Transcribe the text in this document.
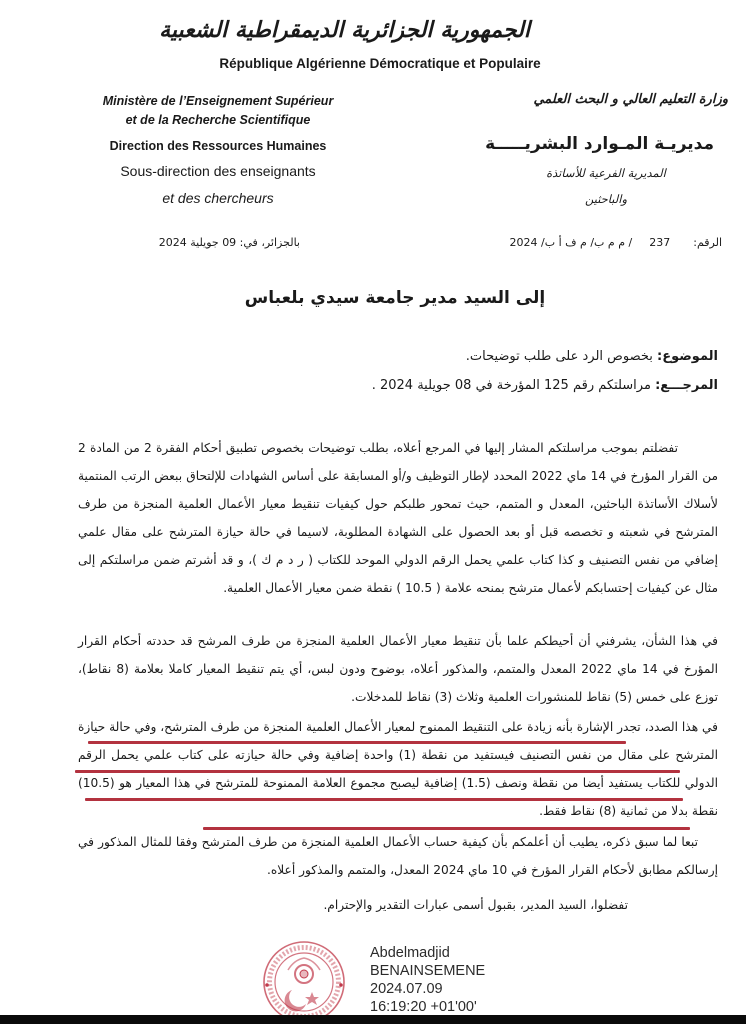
الجمهورية الجزائرية الديمقراطية الشعبية
République Algérienne Démocratique et Populaire
Ministère de l’Enseignement Supérieur
et de la Recherche Scientifique
Direction des Ressources Humaines
Sous-direction des enseignants
et des chercheurs
وزارة التعليم العالي و البحث العلمي
مديريـة المـوارد البشريـــــة
المديرية الفرعية للأساتذة
والباحثين
الرقم:  237  / م م ب/ م ف أ ب/ 2024
بالجزائر، في: 09 جويلية 2024
إلى السيد مدير جامعة سيدي بلعباس
الموضوع: بخصوص الرد على طلب توضيحات.
المرجـــع: مراسلتكم رقم 125 المؤرخة في 08 جويلية 2024 .
تفضلتم بموجب مراسلتكم المشار إليها في المرجع أعلاه، بطلب توضيحات بخصوص تطبيق أحكام الفقرة 2 من المادة 2 من القرار المؤرخ في 14 ماي 2022 المحدد لإطار التوظيف و/أو المسابقة على أساس الشهادات للإلتحاق ببعض الرتب المنتمية لأسلاك الأساتذة الباحثين، المعدل و المتمم، حيث تمحور طلبكم حول كيفيات تنقيط معيار الأعمال العلمية المنجزة من طرف المترشح في شعبته و تخصصه قبل أو بعد الحصول على الشهادة المطلوبة، لاسيما في حالة حيازة المترشح على مقال علمي إضافي من نفس التصنيف و كذا كتاب علمي يحمل الرقم الدولي الموحد للكتاب ( ر د م ك )، و قد أشرتم ضمن مراسلتكم إلى مثال عن كيفيات إحتسابكم لأعمال مترشح بمنحه علامة ( 10.5 ) نقطة ضمن معيار الأعمال العلمية.
في هذا الشأن، يشرفني أن أحيطكم علما بأن تنقيط معيار الأعمال العلمية المنجزة من طرف المرشح قد حددته أحكام القرار المؤرخ في 14 ماي 2022 المعدل والمتمم، والمذكور أعلاه، بوضوح ودون لبس، أي يتم تنقيط المعيار كاملا بعلامة (8 نقاط)، توزع على خمس (5) نقاط للمنشورات العلمية وثلاث (3) نقاط للمدخلات.
في هذا الصدد، تجدر الإشارة بأنه زيادة على التنقيط الممنوح لمعيار الأعمال العلمية المنجزة من طرف المترشح، وفي حالة حيازة المترشح على مقال من نفس التصنيف فيستفيد من نقطة (1) واحدة إضافية وفي حالة حيازته على كتاب علمي يحمل الرقم الدولي للكتاب يستفيد أيضا من نقطة ونصف (1.5) إضافية ليصبح مجموع العلامة الممنوحة للمترشح في هذا المعيار هو (10.5) نقطة بدلا من ثمانية (8) نقاط فقط.
تبعا لما سبق ذكره، يطيب أن أعلمكم بأن كيفية حساب الأعمال العلمية المنجزة من طرف المترشح وفقا للمثال المذكور في إرسالكم مطابق لأحكام القرار المؤرخ في 10 ماي 2024 المعدل، والمتمم والمذكور أعلاه.
تفضلوا، السيد المدير، بقبول أسمى عبارات التقدير والإحترام.
Abdelmadjid
BENAINSEMENE
2024.07.09
16:19:20 +01'00'
